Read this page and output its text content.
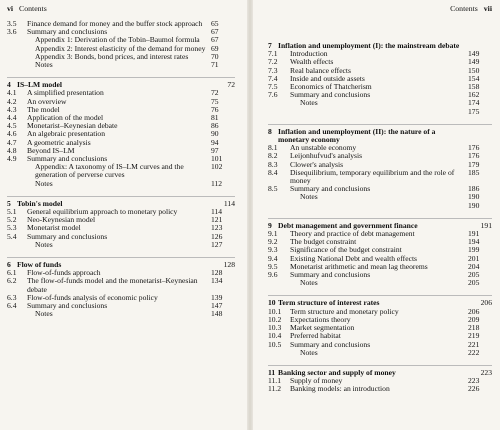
vi Contents
3.5	Finance demand for money and the buffer stock approach	65
3.6	Summary and conclusions	67
Appendix 1: Derivation of the Tobin–Baumol formula	67
Appendix 2: Interest elasticity of the demand for money 69
Appendix 3: Bonds, bond prices, and interest rates	70
Notes	71
4 IS–LM model	72
4.1	A simplified presentation	72
4.2	An overview	75
4.3	The model	76
4.4	Application of the model	81
4.5	Monetarist–Keynesian debate	86
4.6	An algebraic presentation	90
4.7	A geometric analysis	94
4.8	Beyond IS–LM	97
4.9	Summary and conclusions	101
Appendix: A taxonomy of IS–LM curves and the generation of perverse curves
102
Notes	112
5 Tobin's model	114
5.1	General equilibrium approach to monetary policy	114
5.2	Neo-Keynesian model	121
5.3	Monetarist model	123
5.4	Summary and conclusions	126
Notes	127
6 Flow of funds	128
6.1	Flow-of-funds approach	128
6.2	The flow-of-funds model and the monetarist–Keynesian debate
134
6.3	Flow-of-funds analysis of economic policy	139
6.4	Summary and conclusions	147
Notes	148
Contents vii
7 Inflation and unemployment (I): the mainstream debate
7.1	Introduction	149
7.2	Wealth effects	149
7.3	Real balance effects	150
7.4	Inside and outside assets	154
7.5	Economics of Thatcherism	158
7.6	Summary and conclusions	162
Notes	174
175
8 Inflation and unemployment (II): the nature of a monetary economy
8.1	An unstable economy	176
8.2	Leijonhufvud's analysis	176
8.3	Clower's analysis	179
8.4	Disequilibrium, temporary equilibrium and the role of money
185
8.5	Summary and conclusions	186
Notes	190
190
9 Debt management and government finance	191
9.1	Theory and practice of debt management	191
9.2	The budget constraint	194
9.3	Significance of the budget constraint	199
9.4	Existing National Debt and wealth effects	201
9.5	Monetarist arithmetic and mean lag theorems	204
9.6	Summary and conclusions	205
Notes	205
10 Term structure of interest rates	206
10.1	Term structure and monetary policy	206
10.2	Expectations theory	209
10.3	Market segmentation	218
10.4	Preferred habitat	219
10.5	Summary and conclusions	221
Notes	222
11 Banking sector and supply of money	223
11.1	Supply of money	223
11.2	Banking models: an introduction	226
